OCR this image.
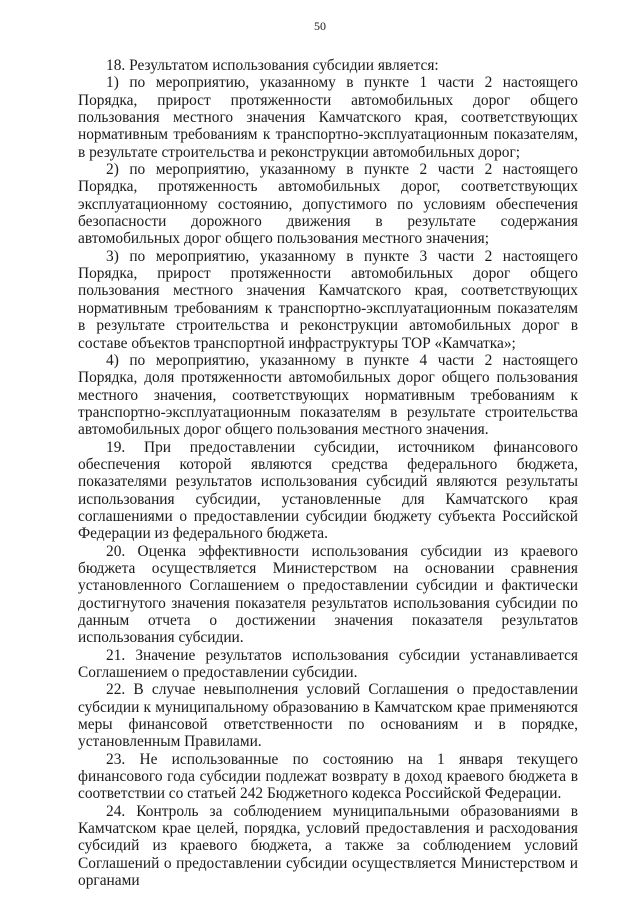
50

18. Результатом использования субсидии является:

1) по мероприятию, указанному в пункте 1 части 2 настоящего Порядка, прирост протяженности автомобильных дорог общего пользования местного значения Камчатского края, соответствующих нормативным требованиям к транспортно-эксплуатационным показателям, в результате строительства и реконструкции автомобильных дорог;

2) по мероприятию, указанному в пункте 2 части 2 настоящего Порядка, протяженность автомобильных дорог, соответствующих эксплуатационному состоянию, допустимого по условиям обеспечения безопасности дорожного движения в результате содержания автомобильных дорог общего пользования местного значения;

3) по мероприятию, указанному в пункте 3 части 2 настоящего Порядка, прирост протяженности автомобильных дорог общего пользования местного значения Камчатского края, соответствующих нормативным требованиям к транспортно-эксплуатационным показателям в результате строительства и реконструкции автомобильных дорог в составе объектов транспортной инфраструктуры ТОР «Камчатка»;

4) по мероприятию, указанному в пункте 4 части 2 настоящего Порядка, доля протяженности автомобильных дорог общего пользования местного значения, соответствующих нормативным требованиям к транспортно-эксплуатационным показателям в результате строительства автомобильных дорог общего пользования местного значения.

19. При предоставлении субсидии, источником финансового обеспечения которой являются средства федерального бюджета, показателями результатов использования субсидий являются результаты использования субсидии, установленные для Камчатского края соглашениями о предоставлении субсидии бюджету субъекта Российской Федерации из федерального бюджета.

20. Оценка эффективности использования субсидии из краевого бюджета осуществляется Министерством на основании сравнения установленного Соглашением о предоставлении субсидии и фактически достигнутого значения показателя результатов использования субсидии по данным отчета о достижении значения показателя результатов использования субсидии.

21. Значение результатов использования субсидии устанавливается Соглашением о предоставлении субсидии.

22. В случае невыполнения условий Соглашения о предоставлении субсидии к муниципальному образованию в Камчатском крае применяются меры финансовой ответственности по основаниям и в порядке, установленным Правилами.

23. Не использованные по состоянию на 1 января текущего финансового года субсидии подлежат возврату в доход краевого бюджета в соответствии со статьей 242 Бюджетного кодекса Российской Федерации.

24. Контроль за соблюдением муниципальными образованиями в Камчатском крае целей, порядка, условий предоставления и расходования субсидий из краевого бюджета, а также за соблюдением условий Соглашений о предоставлении субсидии осуществляется Министерством и органами
